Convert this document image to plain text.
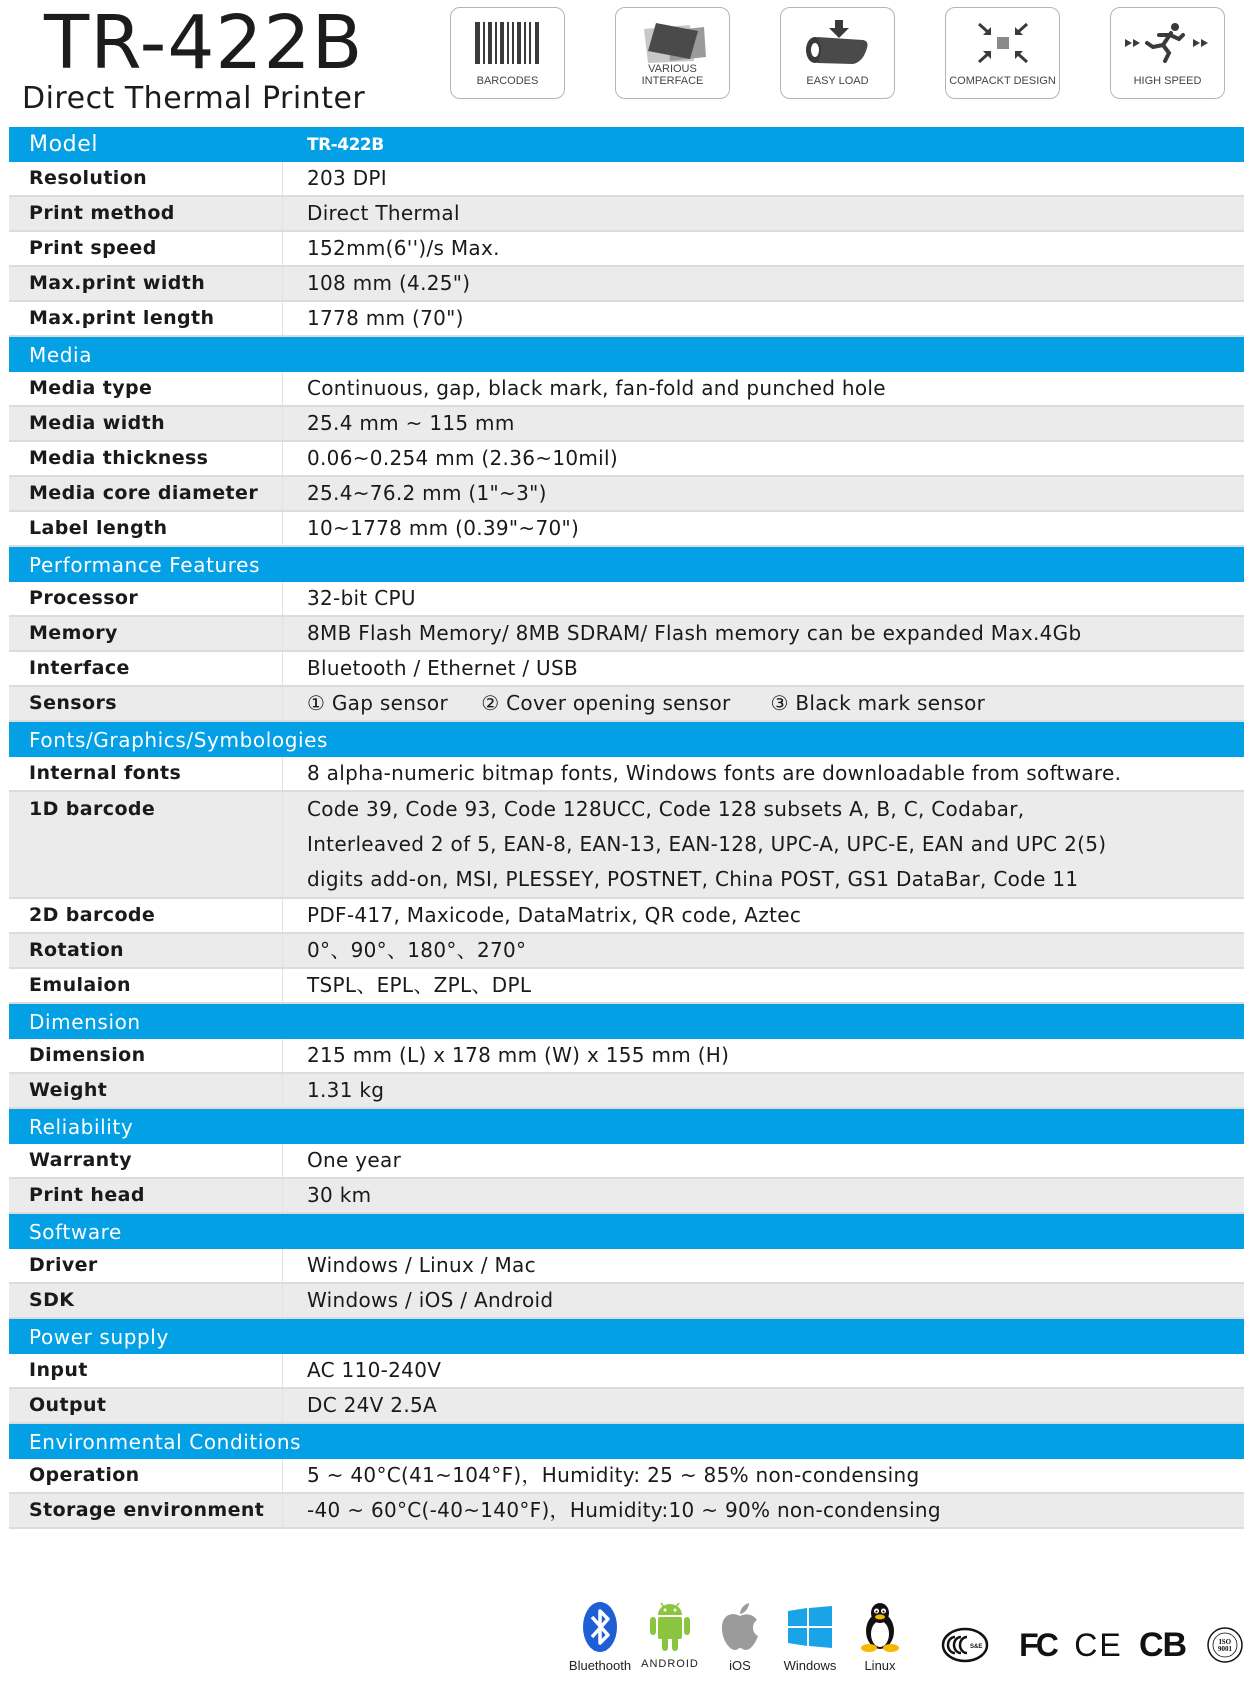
TR-422B
Direct Thermal Printer	BARCODES
VARIOUS INTERFACE	EASY LOAD	COMPACKT DESIGN	HIGH SPEED
Model	TR-422B
Resolution	203 DPI
Print method	Direct Thermal
Print speed	152mm(6'')/s Max.
Max.print width	108 mm (4.25")
Max.print length	1778 mm (70")
Media
Media type	Continuous, gap, black mark, fan-fold and punched hole
Media width	25.4 mm ~ 115 mm
Media thickness	0.06~0.254 mm (2.36~10mil)
Media core diameter	25.4~76.2 mm (1"~3")
Label length	10~1778 mm (0.39"~70")
Performance Features
Processor	32-bit CPU
Memory	8MB Flash Memory/ 8MB SDRAM/ Flash memory can be expanded Max.4Gb
Interface	Bluetooth / Ethernet / USB
Sensors	① Gap sensor     ② Cover opening sensor      ③ Black mark sensor
Fonts/Graphics/Symbologies
Internal fonts	8 alpha-numeric bitmap fonts, Windows fonts are downloadable from software.
1D barcode	Code 39, Code 93, Code 128UCC, Code 128 subsets A, B, C, Codabar,
Interleaved 2 of 5, EAN-8, EAN-13, EAN-128, UPC-A, UPC-E, EAN and UPC 2(5)
digits add-on, MSI, PLESSEY, POSTNET, China POST, GS1 DataBar, Code 11
2D barcode	PDF-417, Maxicode, DataMatrix, QR code, Aztec
Rotation	0°、90°、180°、270°
Emulaion	TSPL、EPL、ZPL、DPL
Dimension
Dimension	215 mm (L) x 178 mm (W) x 155 mm (H)
Weight	1.31 kg
Reliability
Warranty	One year
Print head	30 km
Software
Driver	Windows / Linux / Mac
SDK	Windows / iOS / Android
Power supply
Input	AC 110-240V
Output	DC 24V 2.5A
Environmental Conditions
Operation	5 ~ 40°C(41~104°F)，Humidity: 25 ~ 85% non-condensing
Storage environment	-40 ~ 60°C(-40~140°F)，Humidity:10 ~ 90% non-condensing
Bluethooth ANDROID	iOS	Windows	Linux
S&E FC CE CB	ISO
9001
